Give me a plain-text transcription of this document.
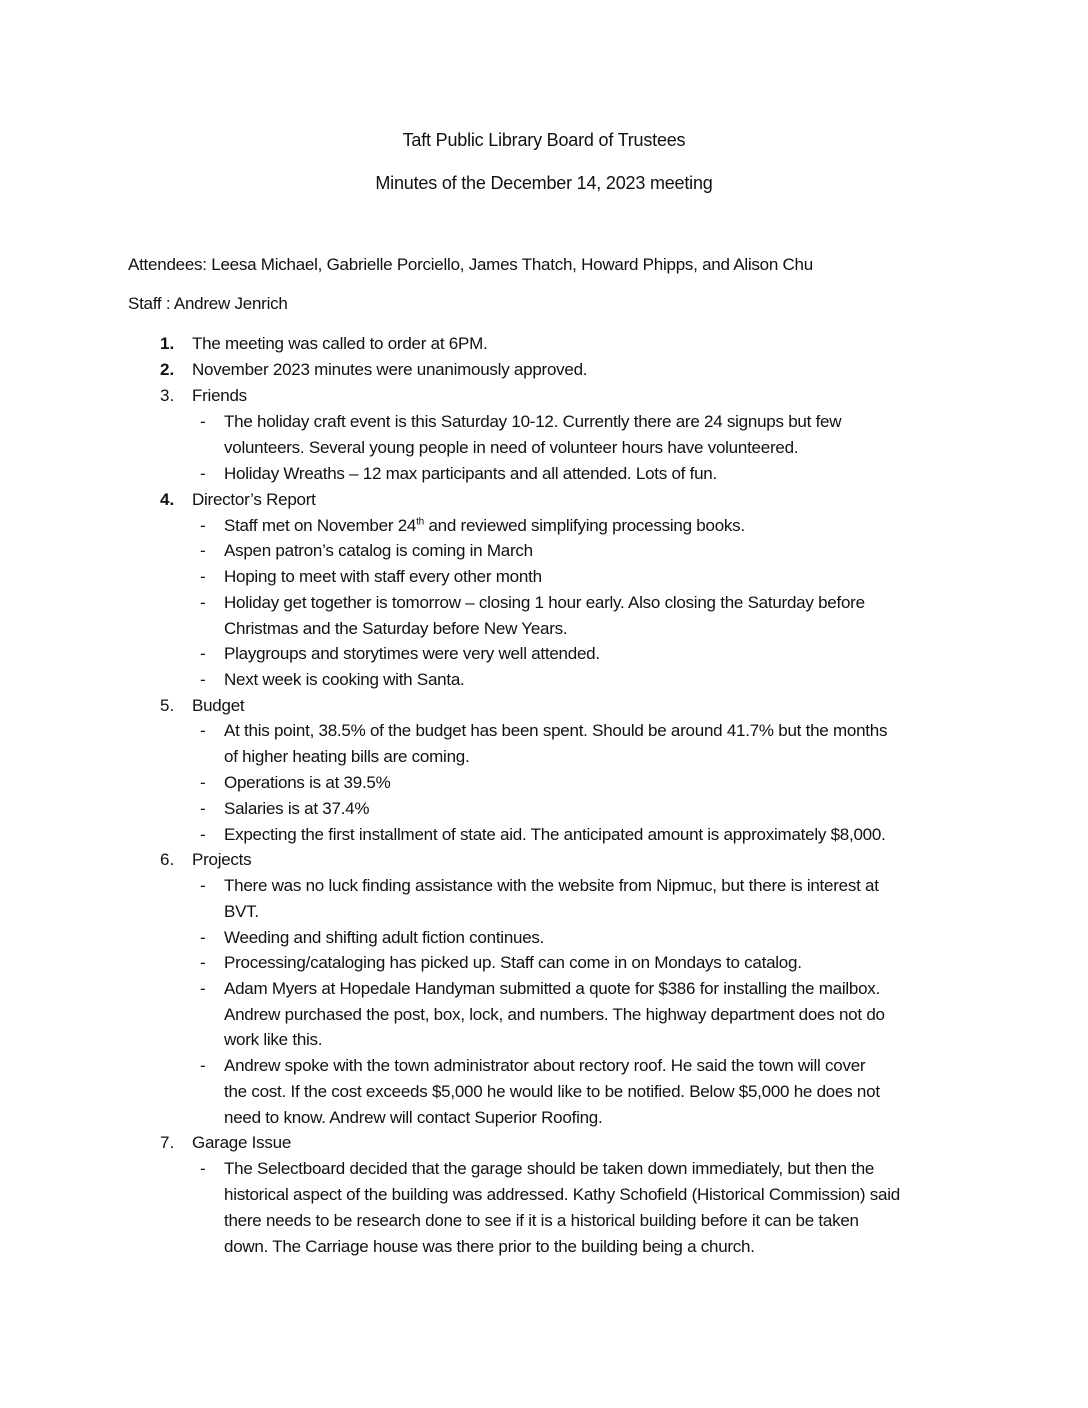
Taft Public Library Board of Trustees
Minutes of the December 14, 2023 meeting
Attendees: Leesa Michael, Gabrielle Porciello, James Thatch, Howard Phipps, and Alison Chu
Staff : Andrew Jenrich
1. The meeting was called to order at 6PM.
2. November 2023 minutes were unanimously approved.
3. Friends
- The holiday craft event is this Saturday 10-12. Currently there are 24 signups but few
volunteers. Several young people in need of volunteer hours have volunteered.
- Holiday Wreaths – 12 max participants and all attended. Lots of fun.
4. Director’s Report
- Staff met on November 24th and reviewed simplifying processing books.
- Aspen patron’s catalog is coming in March
- Hoping to meet with staff every other month
- Holiday get together is tomorrow – closing 1 hour early. Also closing the Saturday before
Christmas and the Saturday before New Years.
- Playgroups and storytimes were very well attended.
- Next week is cooking with Santa.
5. Budget
- At this point, 38.5% of the budget has been spent. Should be around 41.7% but the months
of higher heating bills are coming.
- Operations is at 39.5%
- Salaries is at 37.4%
- Expecting the first installment of state aid. The anticipated amount is approximately $8,000.
6. Projects
- There was no luck finding assistance with the website from Nipmuc, but there is interest at
BVT.
- Weeding and shifting adult fiction continues.
- Processing/cataloging has picked up. Staff can come in on Mondays to catalog.
- Adam Myers at Hopedale Handyman submitted a quote for $386 for installing the mailbox.
Andrew purchased the post, box, lock, and numbers. The highway department does not do
work like this.
- Andrew spoke with the town administrator about rectory roof. He said the town will cover
the cost. If the cost exceeds $5,000 he would like to be notified. Below $5,000 he does not
need to know. Andrew will contact Superior Roofing.
7. Garage Issue
- The Selectboard decided that the garage should be taken down immediately, but then the
historical aspect of the building was addressed. Kathy Schofield (Historical Commission) said
there needs to be research done to see if it is a historical building before it can be taken
down. The Carriage house was there prior to the building being a church.
